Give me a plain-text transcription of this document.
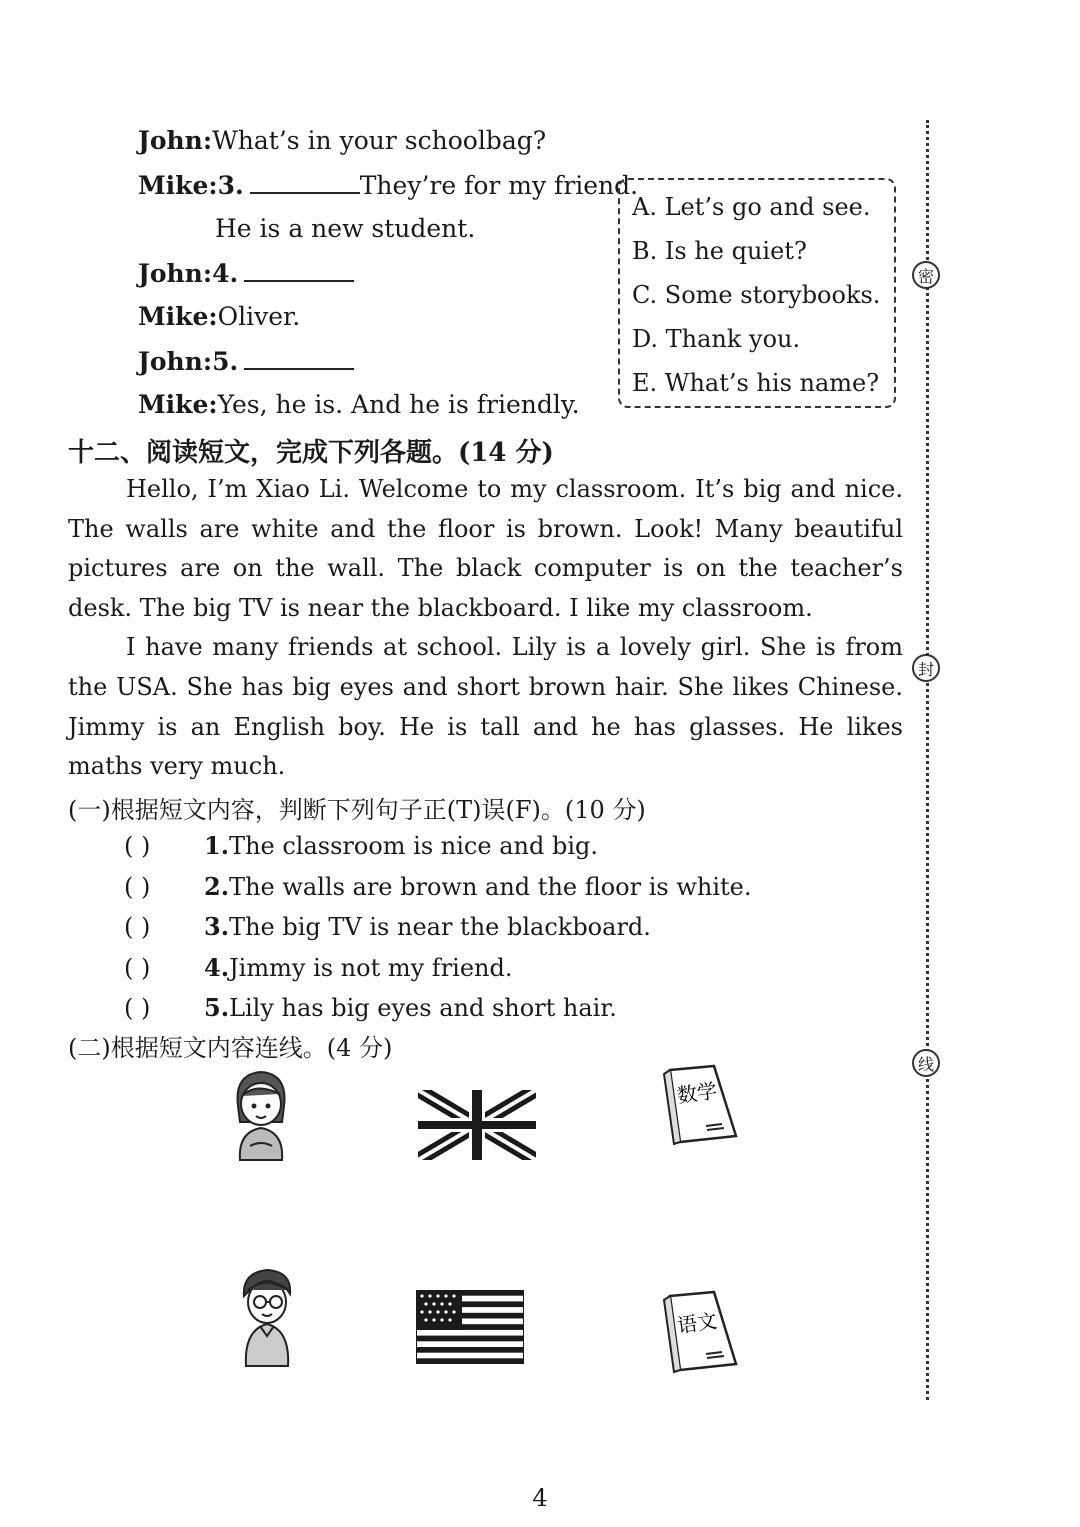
John:What’s in your schoolbag?
Mike:3.	They’re for my friend.
He is a new student.
John:4.
Mike:Oliver.
John:5.
Mike:Yes, he is. And he is friendly.
A. Let’s go and see.
B. Is he quiet?
C. Some storybooks.
D. Thank you.
E. What’s his name?
十二、阅读短文，完成下列各题。(14 分)

Hello, I’m Xiao Li. Welcome to my classroom. It’s big and nice. The walls are white and the floor is brown. Look! Many beautiful pictures are on the wall. The black computer is on the teacher’s desk. The big TV is near the blackboard. I like my classroom.

I have many friends at school. Lily is a lovely girl. She is from the USA. She has big eyes and short brown hair. She likes Chinese. Jimmy is an English boy. He is tall and he has glasses. He likes maths very much.

(一)根据短文内容，判断下列句子正(T)误(F)。(10 分)
( ) 1.The classroom is nice and big.
( ) 2.The walls are brown and the floor is white.
( ) 3.The big TV is near the blackboard.
( ) 4.Jimmy is not my friend.
( ) 5.Lily has big eyes and short hair.
(二)根据短文内容连线。(4 分)
数学
语文
密
封
线
4
